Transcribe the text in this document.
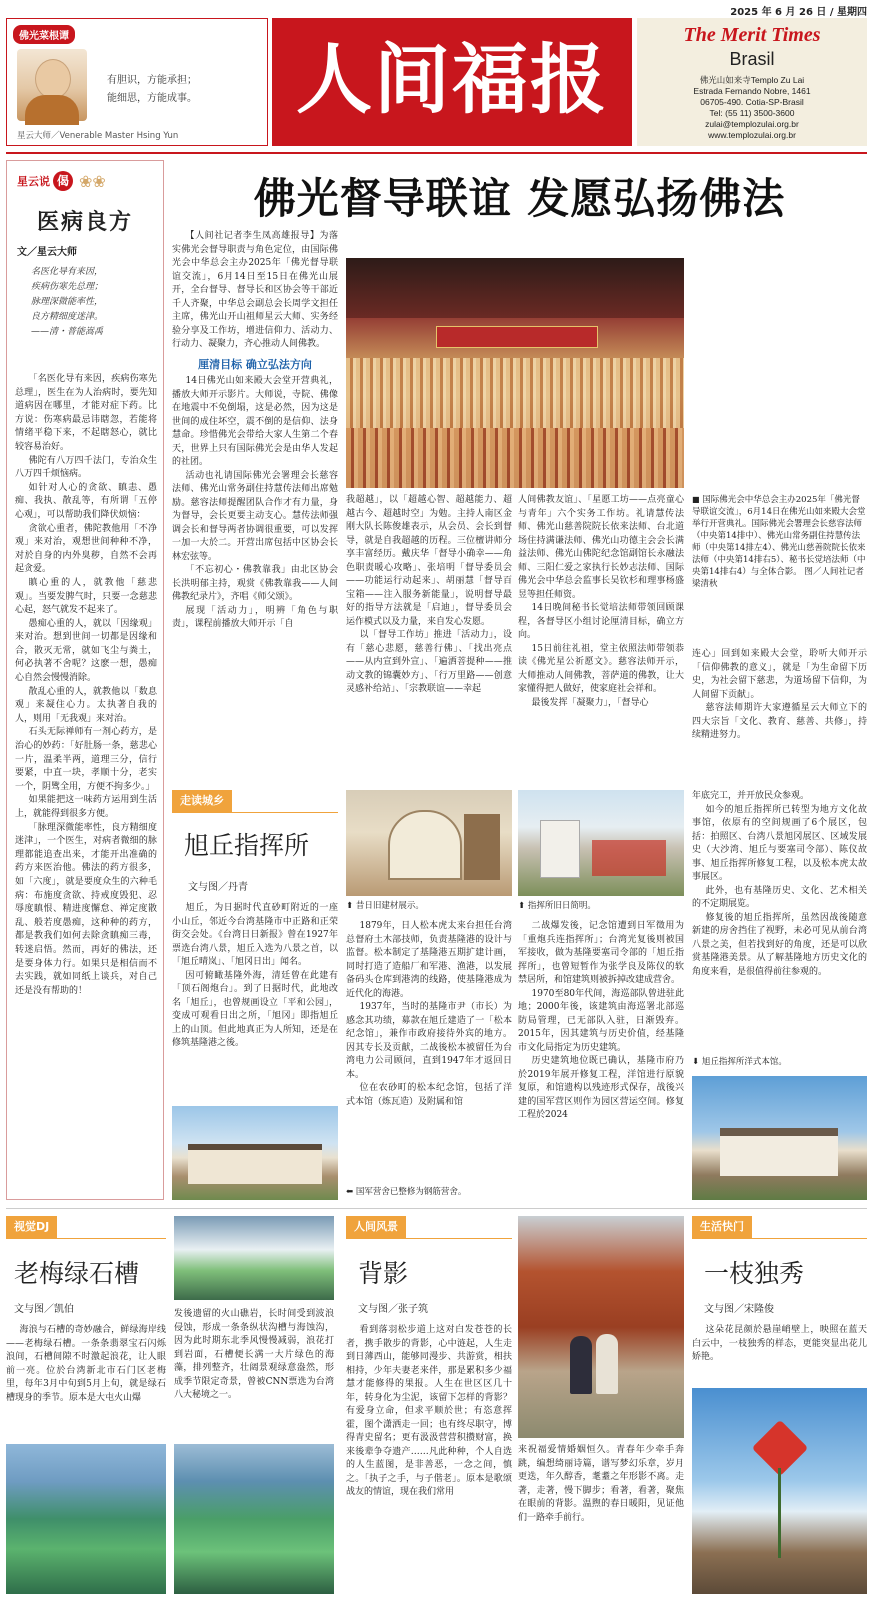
2025 年 6 月 26 日 / 星期四
佛光菜根谭
有胆识，方能承担；
能细思，方能成事。
星云大师／Venerable Master Hsing Yun
人间福报	The Merit Times
Brasil
佛光山如来寺Templo Zu Lai
Estrada Fernando Nobre, 1461
06705-490. Cotia-SP-Brasil
Tel: (55 11) 3500-3600
zulai@templozulai.org.br
www.templozulai.org.br
星云说 偈 ❀❀
医病良方
文／星云大师
名医化导有来因，
疾病伤寒先总理；
脉理深微能率性，
良方精细度迷津。
——清・普能嵩禹

「名医化导有来因，疾病伤寒先总理」，医生在为人治病时，要先知道病因在哪里，才能对症下药。比方说：伤寒病最忌讳瞎忽，若能将情绪平稳下来，不起瞎怒心，就比较容易治好。

佛陀有八万四千法门，专治众生八万四千烦恼病。

如针对人心的贪欲、瞋恚、愚痴、我执、散乱等，有所谓「五停心观」，可以帮助我们降伏烦恼：

贪欲心重者，佛陀教他用「不净观」来对治，观想世间种种不净，对於自身的内外臭秽，自然不会再起贪爱。

瞋心重的人，就教他「慈悲观」。当要发脾气时，只要一念慈悲心起，怒气就发不起来了。

愚痴心重的人，就以「因缘观」来对治。想到世间一切都是因缘和合，散灭无常，就如飞尘与粪土，何必执著不舍呢？这麽一想，愚痴心自然会慢慢消除。

散乱心重的人，就教他以「数息观」来凝住心力。太执著自我的人，则用「无我观」来对治。

石头无际禅师有一剂心药方，是治心的妙药：「好肚肠一条，慈悲心一片，温柔半两，道理三分，信行要紧，中直一块，孝顺十分，老实一个，阴骘全用，方便不拘多少。」

如果能把这一味药方运用到生活上，就能得到很多方便。

「脉理深微能率性，良方精细度迷津」，一个医生，对病者微细的脉理都能追查出来，才能开出准确的药方来医治他。佛法的药方很多，如「六度」，就是要度众生的六种毛病：布施度贪欲、持戒度毁犯、忍辱度瞋恨、精进度懈怠、禅定度散乱、般若度愚痴，这种种的药方，都是教我们如何去除贪瞋痴三毒，转迷启悟。然而，再好的佛法，还是要身体力行。如果只是相信而不去实践，就如同纸上谈兵，对自己还是没有帮助的！

佛光督导联谊 发愿弘扬佛法

【人间社记者李生凤高雄报导】为落实佛光会督导职责与角色定位，由国际佛光会中华总会主办2025年「佛光督导联谊交流」，6月14日至15日在佛光山展开，全台督导、督导长和区协会等干部近千人齐聚，中华总会副总会长周学文担任主席，佛光山开山祖师星云大师、实务经验分享及工作坊，增进信仰力、活动力、行动力、凝聚力，齐心推动人间佛教。

厘清目标 确立弘法方向

14日佛光山如来殿大会堂开营典礼，播放大师开示影片。大师说，寺院、佛像在地震中不免倒塌，这是必然，因为这是世间的成住坏空，震不倒的是信仰、法身慧命。珍惜佛光会带给大家人生第二个春天，世界上只有国际佛光会是由华人发起的社团。

活动也礼请国际佛光会署理会长慈容法师、佛光山常务副住持慧传法师出席勉励。慈容法师提醒团队合作才有力量，身为督导，会长更要主动支心。慧传法师强调会长和督导两者协调很重要，可以发挥一加一大於二。开营出席包括中区协会长林宏弦等。

「不忘初心・佛教靠我」由北区协会长洪明郁主持，观赏《佛教靠我——人间佛教纪录片》，齐唱《师父颂》。

展现「活动力」，明辨「角色与职责」，课程前播放大师开示「自

我超越」，以「超越心智、超越能力、超越古今、超越时空」为勉。主持人南区金刚大队长陈俊雄表示，从会员、会长到督导，就是自我超越的历程。三位檀讲师分享丰富经历。戴庆华「督导小确幸——角色职责暖心攻略」、张培明「督导委员会——功能运行动起来」、胡丽慧「督导百宝箱——注入服务新能量」，说明督导最好的指导方法就是「启迪」，督导委员会运作模式以及力量，来自发心发愿。

以「督导工作坊」推进「活动力」，设有「慈心悲愿，慈善行佛」、「找出亮点——从内宣到外宣」、「遍洒菩提种——推动文教的锦囊妙方」、「行万里路——创意灵感补给站」、「宗教联谊——幸起

人间佛教友谊」、「星愿工坊——点亮童心与青年」六个实务工作坊。礼请慧传法师、佛光山慈善院院长依来法师、台北道场住持满谦法师、佛光山功德主会会长满益法师、佛光山佛陀纪念馆副馆长永融法师、三阳仁爱之家执行长妙志法师、国际佛光会中华总会监事长吴钦杉和理事杨盛昱等担任师资。

14日晚间秘书长觉培法师带领回顾课程，各督导区小组讨论厘清目标，确立方向。

15日前往礼祖，堂主依照法师带领恭读《佛光星公祈愿文》。慈容法师开示，大师推动人间佛教，菩萨道的佛教，让大家懂得把人做好，使家庭社会祥和。

最後发挥「凝聚力」，「督导心

■ 国际佛光会中华总会主办2025年「佛光督导联谊交流」，6月14日在佛光山如来殿大会堂举行开营典礼。国际佛光会署理会长慈容法师（中央第14排中）、佛光山常务副住持慧传法师（中央第14排左4）、佛光山慈善院院长依来法师（中央第14排右5）、秘书长觉培法师（中央第14排右4）与全体合影。 图／人间社记者梁清秋

连心」回到如来殿大会堂，聆听大师开示「信仰佛教的意义」，就是「为生命留下历史，为社会留下慈悲，为道场留下信仰，为人间留下贡献」。

慈容法师期许大家遵循星云大师立下的四大宗旨「文化、教育、慈善、共修」，持续精进努力。

走读城乡
旭丘指挥所
文与图／丹青

旭丘，为日据时代直砂町附近的一座小山丘，邻近今台湾基隆市中正路和正荣街交会处。《台湾日日新报》曾在1927年票选台湾八景，旭丘入选为八景之首，以「旭丘晴岚」、「旭冈日出」闻名。

因可俯瞰基隆外海，清廷曾在此建有「顶石阁炮台」。到了日据时代，此地改名「旭丘」，也曾规画设立「平和公园」，变成可观看日出之所，「旭冈」即指旭丘上的山顶。但此地真正为人所知，还是在修筑基隆港之後。

⬆ 昔日旧建材展示。

1879年，日人松本虎太来台担任台湾总督府土木部技师，负责基隆港的设计与监督。松本制定了基隆港五期扩建计画，同时打造了造船厂和军港、渔港，以发展备码头仓库到港湾的线路，使基隆港成为近代化的海港。

1937年，当时的基隆市尹（市长）为感念其功绩，募款在旭丘建造了一「松本纪念馆」，兼作市政府接待外宾的地方。因其专长及贡献，二战後松本被留任为台湾电力公司顾问，直到1947年才返回日本。

位在农砂町的松本纪念馆，包括了洋式本馆（炼瓦造）及附属和馆

⬅ 国军营舍已整修为钢筋营舍。
⬆ 指挥所旧日简明。

二战爆发後，记念馆遭到日军徵用为「重炮兵连指挥所」；台湾光复後则被国军接收，做为基隆要塞司令部的「旭丘指挥所」，也曾短暂作为张学良及陈仪的软禁居所，和馆建筑则被拆掉改建成营舍。

1970至80年代间，海巡部队曾进驻此地；2000年後，该建筑由海巡署北部巡防局管理，已无部队入驻，日渐毁弃。2015年，因其建筑与历史价值，经基隆市文化局指定为历史建筑。

历史建筑地位既已确认，基隆市府乃於2019年展开修复工程，洋馆进行原貌复原，和馆遗构以残迹形式保存，战後兴建的国军营区则作为园区营运空间。修复工程於2024

年底完工，并开放民众参观。

如今的旭丘指挥所已转型为地方文化故事馆，依原有的空间规画了6个展区，包括：拍照区、台湾八景旭冈展区、区域发展史（大沙湾、旭丘与要塞司令部）、陈仪故事、旭丘指挥所修复工程，以及松本虎太故事展区。

此外，也有基隆历史、文化、艺术相关的不定期展览。

修复後的旭丘指挥所，虽然因战後随意新建的房舍挡住了视野，未必可见从前台湾八景之美，但若找到好的角度，还是可以欣赏基隆港美景。从了解基隆地方历史文化的角度来看，是很值得前往参观的。

⬇ 旭丘指挥所洋式本馆。
视觉DJ
老梅绿石槽
文与图／凯伯

海浪与石槽的奇妙融合，鲜绿海岸线——老梅绿石槽。一条条翡翠宝石闪烁浪间，石槽间隙不时激起浪花，让人眼前一亮。位於台湾新北市石门区老梅里，每年3月中旬到5月上旬，就是绿石槽现身的季节。原本是大屯火山爆

发後遗留的火山礁岩，长时间受到波浪侵蚀，形成一条条纵状沟槽与海蚀沟，因为此时期东北季风慢慢减弱，浪花打到岩面，石槽便长满一大片绿色的海藻，排列整齐，壮阔景观绿意盎然，形成季节限定奇景，曾被CNN票选为台湾八大秘境之一。

人间风景
背影
文与图／张子筑

看到落羽松步道上这对白发苍苍的长者，携手散步的背影，心中涟起，人生走到日薄西山，能够同漫步、共游赏，相扶相持，少年夫妻老来伴，那是累积多少福慧才能修得的果报。人生在世区区几十年，转身化为尘泥，该留下怎样的背影？有爱身立命，但求平顺於世；有恣意挥霍，图个潇洒走一回；也有终尽职守，博得青史留名；更有汲汲营营积攒财富，换来後辈争夺遗产……凡此种种，个人自选的人生蓝图，是非善恶，一念之间，慎之。「执子之手，与子偕老」。原本是歌颂战友的情谊，现在我们常用

来祝福爱情婚姻恒久。青春年少牵手奔跳，编想绮丽诗篇，谱写梦幻乐章，岁月更迭，年久醇香，耄耋之年形影不离。走著，走著，慢下脚步；看著，看著，聚焦在眼前的背影。温煦的春日暖阳，见证他们一路牵手前行。

生活快门
一枝独秀
文与图／宋隆俊

这朵花昆颜於悬崖峭壁上，映照在蓝天白云中，一枝独秀的样态，更能突显出花儿娇艳。
